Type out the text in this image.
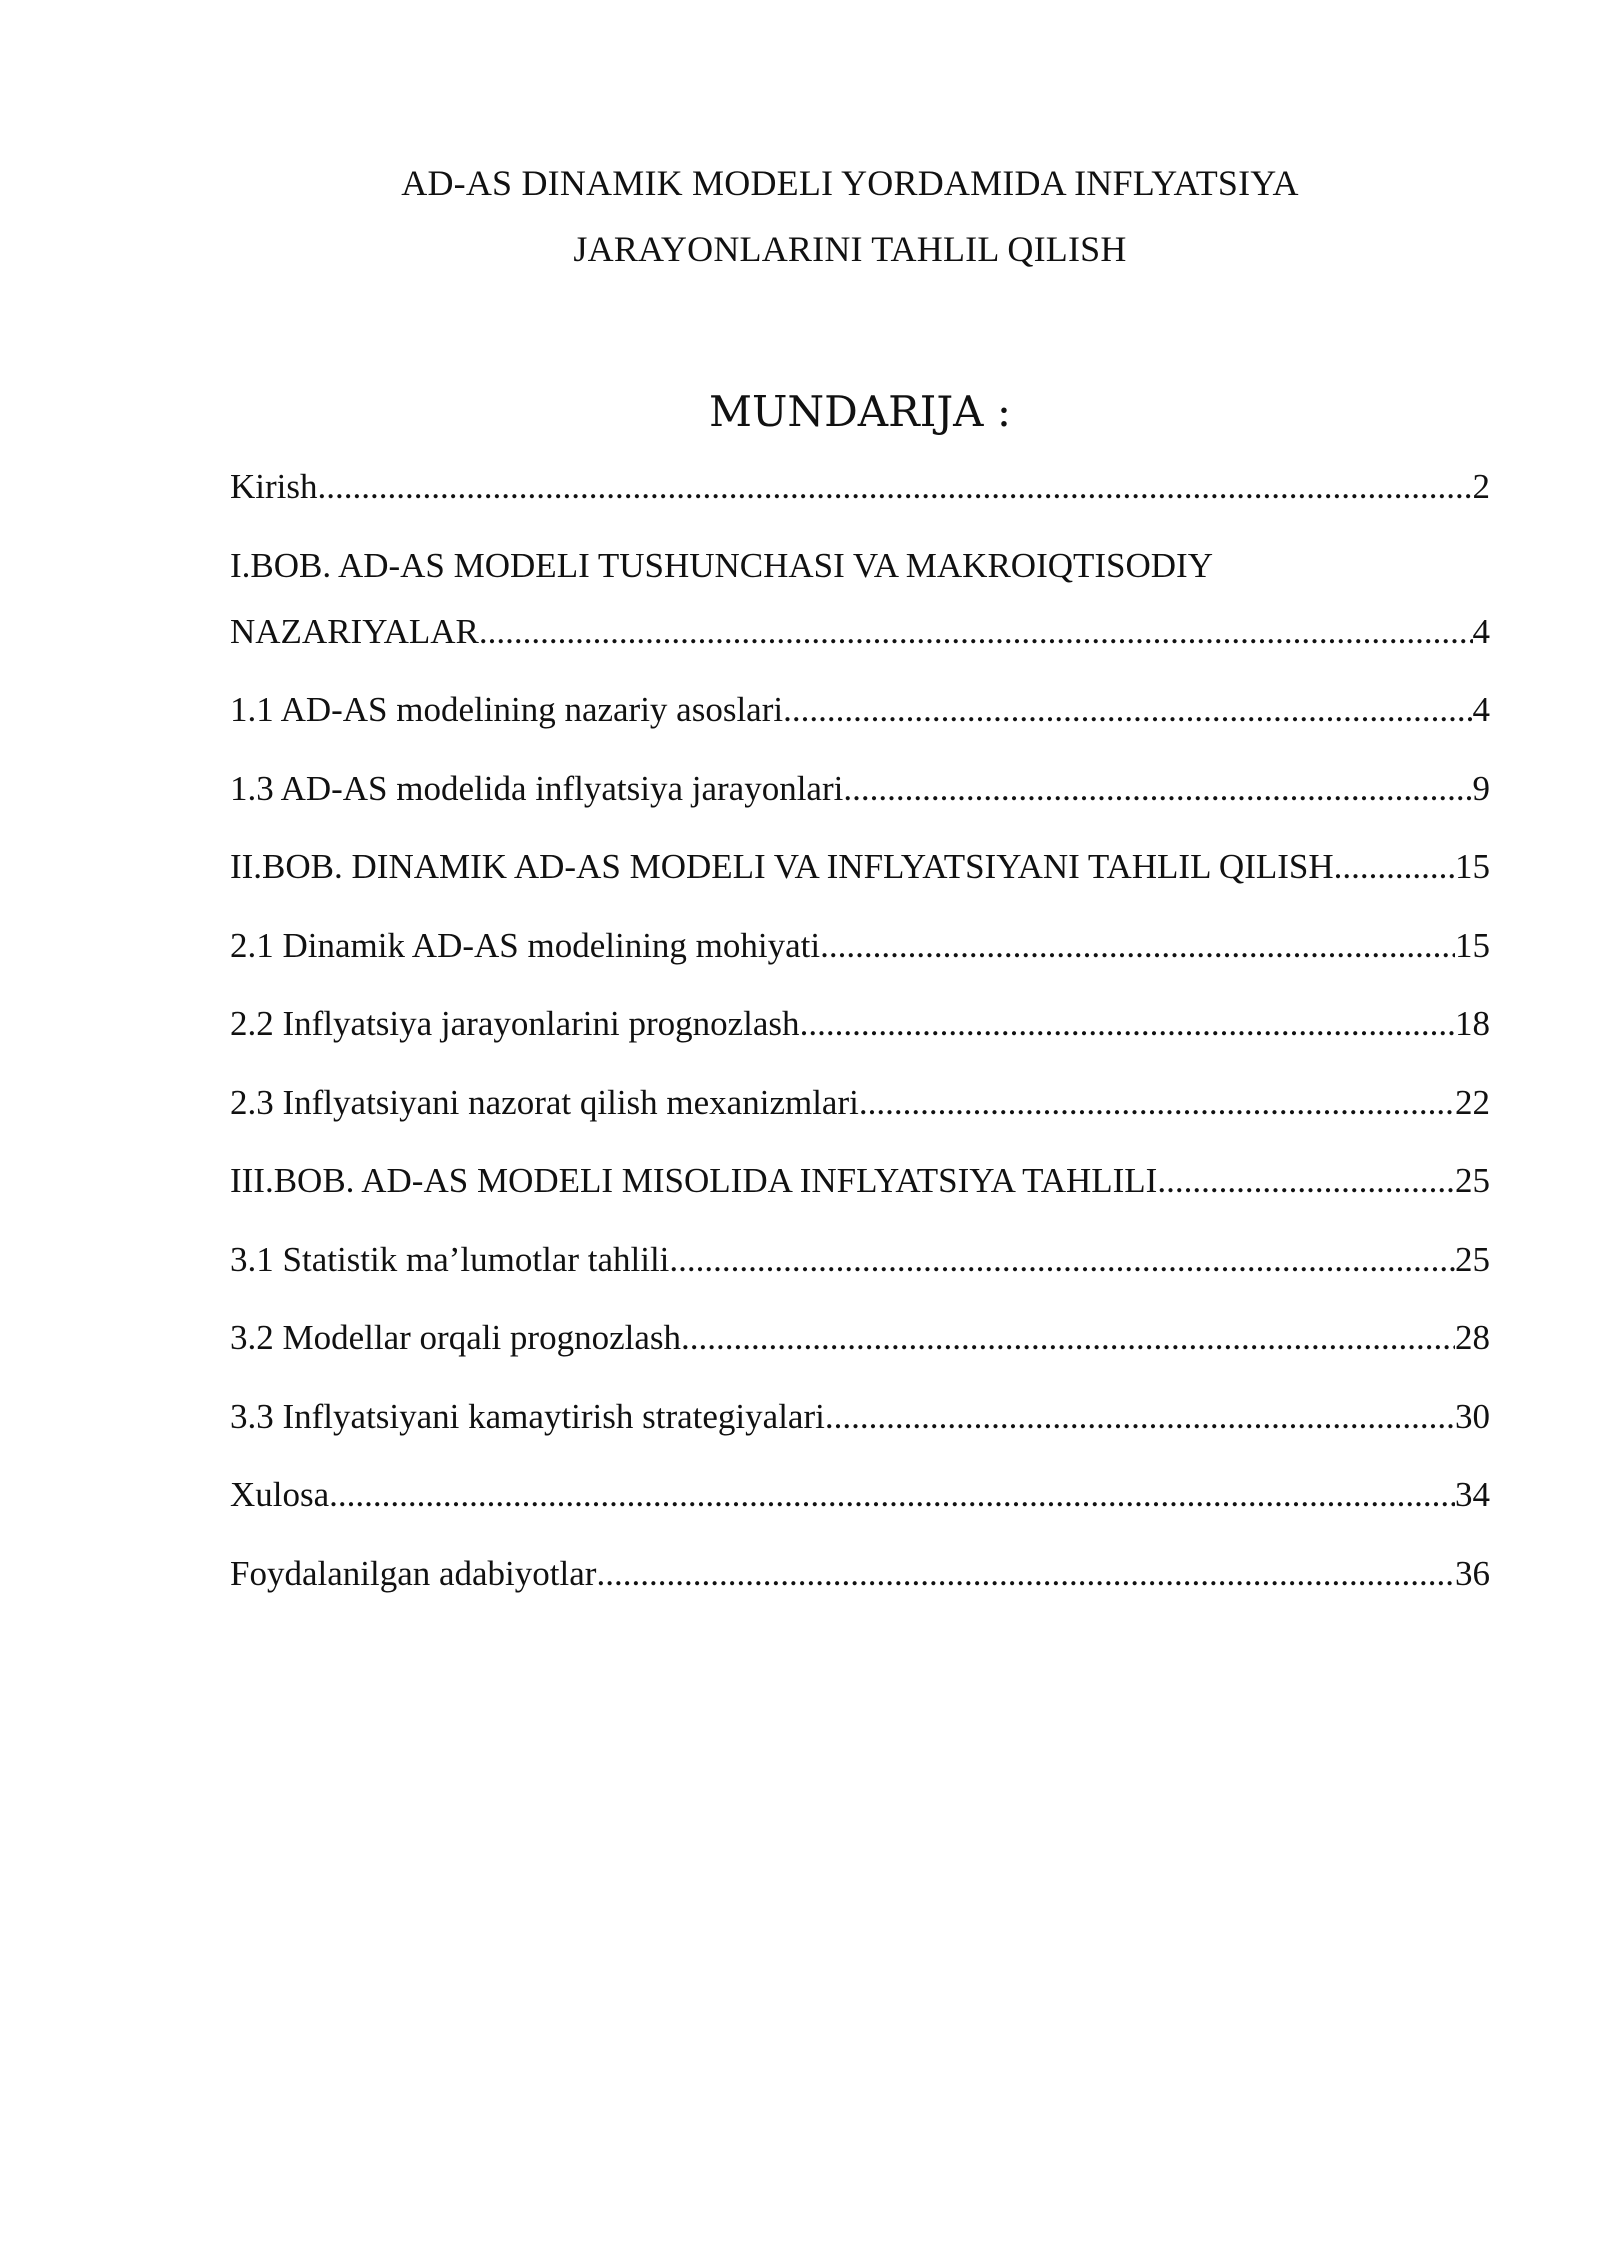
AD-AS DINAMIK MODELI YORDAMIDA INFLYATSIYA
JARAYONLARINI TAHLIL QILISH
MUNDARIJA :
Kirish .....	2
I.BOB. AD-AS MODELI TUSHUNCHASI VA MAKROIQTISODIY
NAZARIYALAR .....	4
1.1 AD-AS modelining nazariy asoslari .....	4
1.3 AD-AS modelida inflyatsiya jarayonlari .....	9
II.BOB. DINAMIK AD-AS MODELI VA INFLYATSIYANI TAHLIL QILISH .....	15
2.1 Dinamik AD-AS modelining mohiyati .....	15
2.2 Inflyatsiya jarayonlarini prognozlash .....	18
2.3 Inflyatsiyani nazorat qilish mexanizmlari .....	22
III.BOB. AD-AS MODELI MISOLIDA INFLYATSIYA TAHLILI .....	25
3.1 Statistik ma’lumotlar tahlili .....	25
3.2 Modellar orqali prognozlash .....	28
3.3 Inflyatsiyani kamaytirish strategiyalari .....	30
Xulosa .....	34
Foydalanilgan adabiyotlar .....	36
